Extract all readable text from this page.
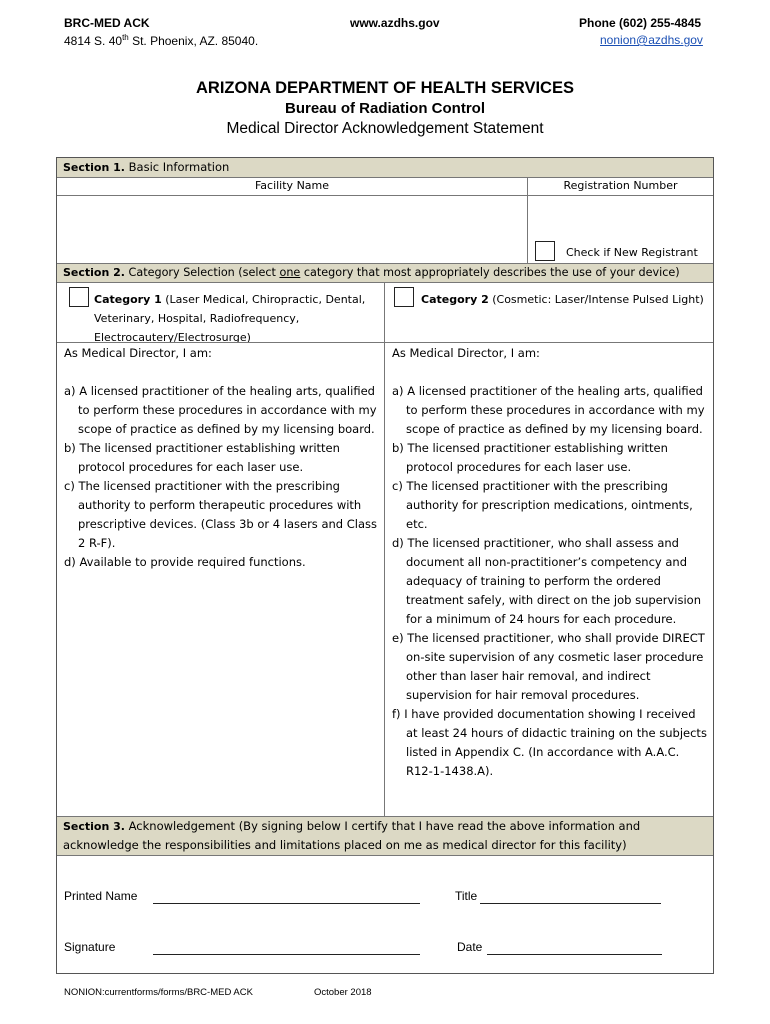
BRC-MED ACK
4814 S. 40th St. Phoenix, AZ. 85040.
www.azdhs.gov	Phone (602) 255-4845
nonion@azdhs.gov
ARIZONA DEPARTMENT OF HEALTH SERVICES
Bureau of Radiation Control
Medical Director Acknowledgement Statement
Section 1. Basic Information
Facility Name	Registration Number
Check if New Registrant
Section 2. Category Selection (select one category that most appropriately describes the use of your device)
Category 1 (Laser Medical, Chiropractic, Dental, Veterinary, Hospital, Radiofrequency, Electrocautery/Electrosurge)
Category 2 (Cosmetic: Laser/Intense Pulsed Light)

As Medical Director, I am:

a) A licensed practitioner of the healing arts, qualified to perform these procedures in accordance with my scope of practice as defined by my licensing board.

b) The licensed practitioner establishing written protocol procedures for each laser use.

c) The licensed practitioner with the prescribing authority to perform therapeutic procedures with prescriptive devices. (Class 3b or 4 lasers and Class 2 R-F).

d) Available to provide required functions.

As Medical Director, I am:

a) A licensed practitioner of the healing arts, qualified to perform these procedures in accordance with my scope of practice as defined by my licensing board.

b) The licensed practitioner establishing written protocol procedures for each laser use.

c) The licensed practitioner with the prescribing authority for prescription medications, ointments, etc.

d) The licensed practitioner, who shall assess and document all non-practitioner’s competency and adequacy of training to perform the ordered treatment safely, with direct on the job supervision for a minimum of 24 hours for each procedure.

e) The licensed practitioner, who shall provide DIRECT on-site supervision of any cosmetic laser procedure other than laser hair removal, and indirect supervision for hair removal procedures.

f) I have provided documentation showing I received at least 24 hours of didactic training on the subjects listed in Appendix C. (In accordance with A.A.C. R12-1-1438.A).

Section 3. Acknowledgement (By signing below I certify that I have read the above information and acknowledge the responsibilities and limitations placed on me as medical director for this facility)
Printed Name	Title
Signature	Date
NONION:currentforms/forms/BRC-MED ACK	October 2018
